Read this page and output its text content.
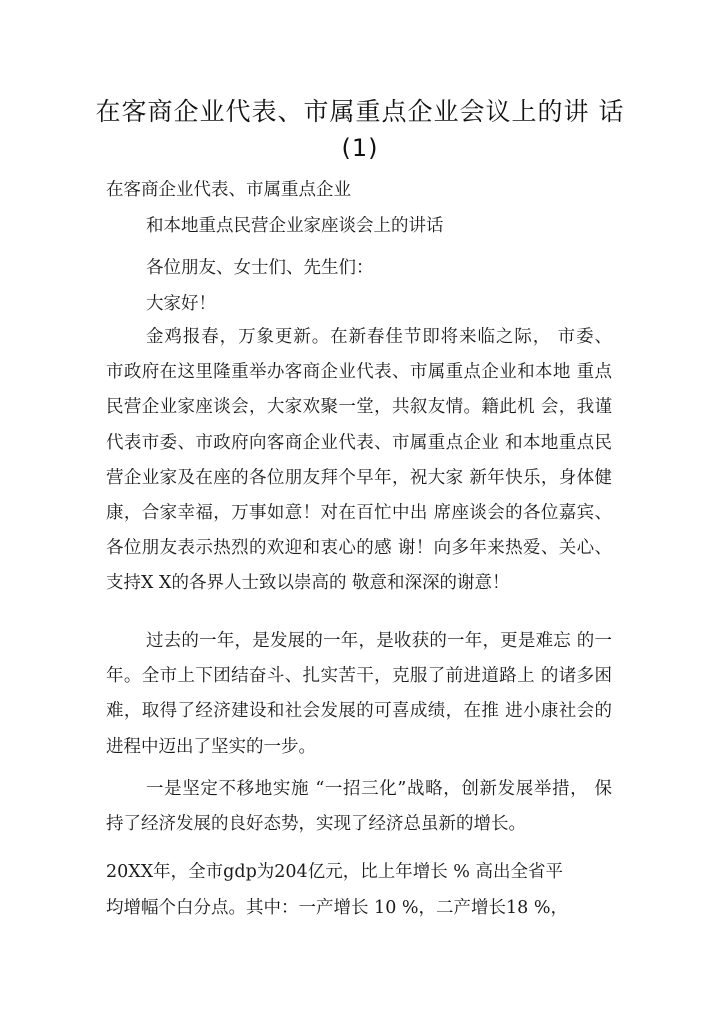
在客商企业代表、市属重点企业会议上的讲 话
(1)
在客商企业代表、市属重点企业
和本地重点民营企业家座谈会上的讲话
各位朋友、女士们、先生们：
大家好！
金鸡报春，万象更新。在新春佳节即将来临之际， 市委、 市政府在这里隆重举办客商企业代表、市属重点企业和本地 重点民营企业家座谈会，大家欢聚一堂，共叙友情。籍此机 会，我谨代表市委、市政府向客商企业代表、市属重点企业 和本地重点民营企业家及在座的各位朋友拜个早年，祝大家 新年快乐，身体健康，合家幸福，万事如意！对在百忙中出 席座谈会的各位嘉宾、各位朋友表示热烈的欢迎和衷心的感 谢！向多年来热爱、关心、支持X X的各界人士致以崇高的 敬意和深深的谢意！
过去的一年，是发展的一年，是收获的一年，更是难忘 的一年。全市上下团结奋斗、扎实苦干，克服了前进道路上 的诸多困难，取得了经济建设和社会发展的可喜成绩，在推 进小康社会的进程中迈出了坚实的一步。
一是坚定不移地实施 “一招三化”战略，创新发展举措， 保持了经济发展的良好态势，实现了经济总虽新的增长。
20XX年，全市gdp为204亿元，比上年增长 % 高出全省平
均增幅个白分点。其中：一产增长 10 %，二产增长18 %，
